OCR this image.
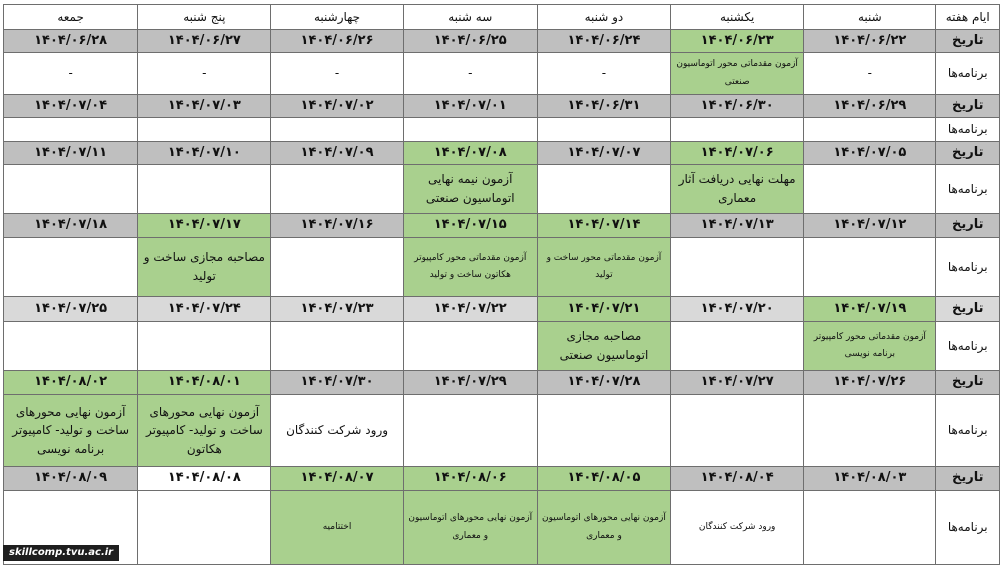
ایام هفته	شنبه	یکشنبه	دو شنبه	سه شنبه	چهارشنبه	پنج شنبه	جمعه
تاریخ	۱۴۰۴/۰۶/۲۲	۱۴۰۴/۰۶/۲۳	۱۴۰۴/۰۶/۲۴	۱۴۰۴/۰۶/۲۵	۱۴۰۴/۰۶/۲۶	۱۴۰۴/۰۶/۲۷	۱۴۰۴/۰۶/۲۸
برنامه‌ها	-	آزمون مقدماتی محور اتوماسیون صنعتی	-	-	-	-	-
تاریخ	۱۴۰۴/۰۶/۲۹	۱۴۰۴/۰۶/۳۰	۱۴۰۴/۰۶/۳۱	۱۴۰۴/۰۷/۰۱	۱۴۰۴/۰۷/۰۲	۱۴۰۴/۰۷/۰۳	۱۴۰۴/۰۷/۰۴
برنامه‌ها							
تاریخ	۱۴۰۴/۰۷/۰۵	۱۴۰۴/۰۷/۰۶	۱۴۰۴/۰۷/۰۷	۱۴۰۴/۰۷/۰۸	۱۴۰۴/۰۷/۰۹	۱۴۰۴/۰۷/۱۰	۱۴۰۴/۰۷/۱۱
برنامه‌ها		مهلت نهایی دریافت آثار معماری		آزمون نیمه نهایی اتوماسیون صنعتی			
تاریخ	۱۴۰۴/۰۷/۱۲	۱۴۰۴/۰۷/۱۳	۱۴۰۴/۰۷/۱۴	۱۴۰۴/۰۷/۱۵	۱۴۰۴/۰۷/۱۶	۱۴۰۴/۰۷/۱۷	۱۴۰۴/۰۷/۱۸
برنامه‌ها			آزمون مقدماتی محور ساخت و تولید	آزمون مقدماتی محور کامپیوتر هکاتون ساخت و تولید		مصاحبه مجازی ساخت و تولید	
تاریخ	۱۴۰۴/۰۷/۱۹	۱۴۰۴/۰۷/۲۰	۱۴۰۴/۰۷/۲۱	۱۴۰۴/۰۷/۲۲	۱۴۰۴/۰۷/۲۳	۱۴۰۴/۰۷/۲۴	۱۴۰۴/۰۷/۲۵
برنامه‌ها	آزمون مقدماتی محور کامپیوتر برنامه نویسی		مصاحبه مجازی اتوماسیون صنعتی				
تاریخ	۱۴۰۴/۰۷/۲۶	۱۴۰۴/۰۷/۲۷	۱۴۰۴/۰۷/۲۸	۱۴۰۴/۰۷/۲۹	۱۴۰۴/۰۷/۳۰	۱۴۰۴/۰۸/۰۱	۱۴۰۴/۰۸/۰۲
برنامه‌ها					ورود شرکت کنندگان	آزمون نهایی محورهای ساخت و تولید- کامپیوتر هکاتون	آزمون نهایی محورهای ساخت و تولید- کامپیوتر برنامه نویسی
تاریخ	۱۴۰۴/۰۸/۰۳	۱۴۰۴/۰۸/۰۴	۱۴۰۴/۰۸/۰۵	۱۴۰۴/۰۸/۰۶	۱۴۰۴/۰۸/۰۷	۱۴۰۴/۰۸/۰۸	۱۴۰۴/۰۸/۰۹
برنامه‌ها		ورود شرکت کنندگان	آزمون نهایی محورهای اتوماسیون و معماری	آزمون نهایی محورهای اتوماسیون و معماری	اختتامیه		
skillcomp.tvu.ac.ir
